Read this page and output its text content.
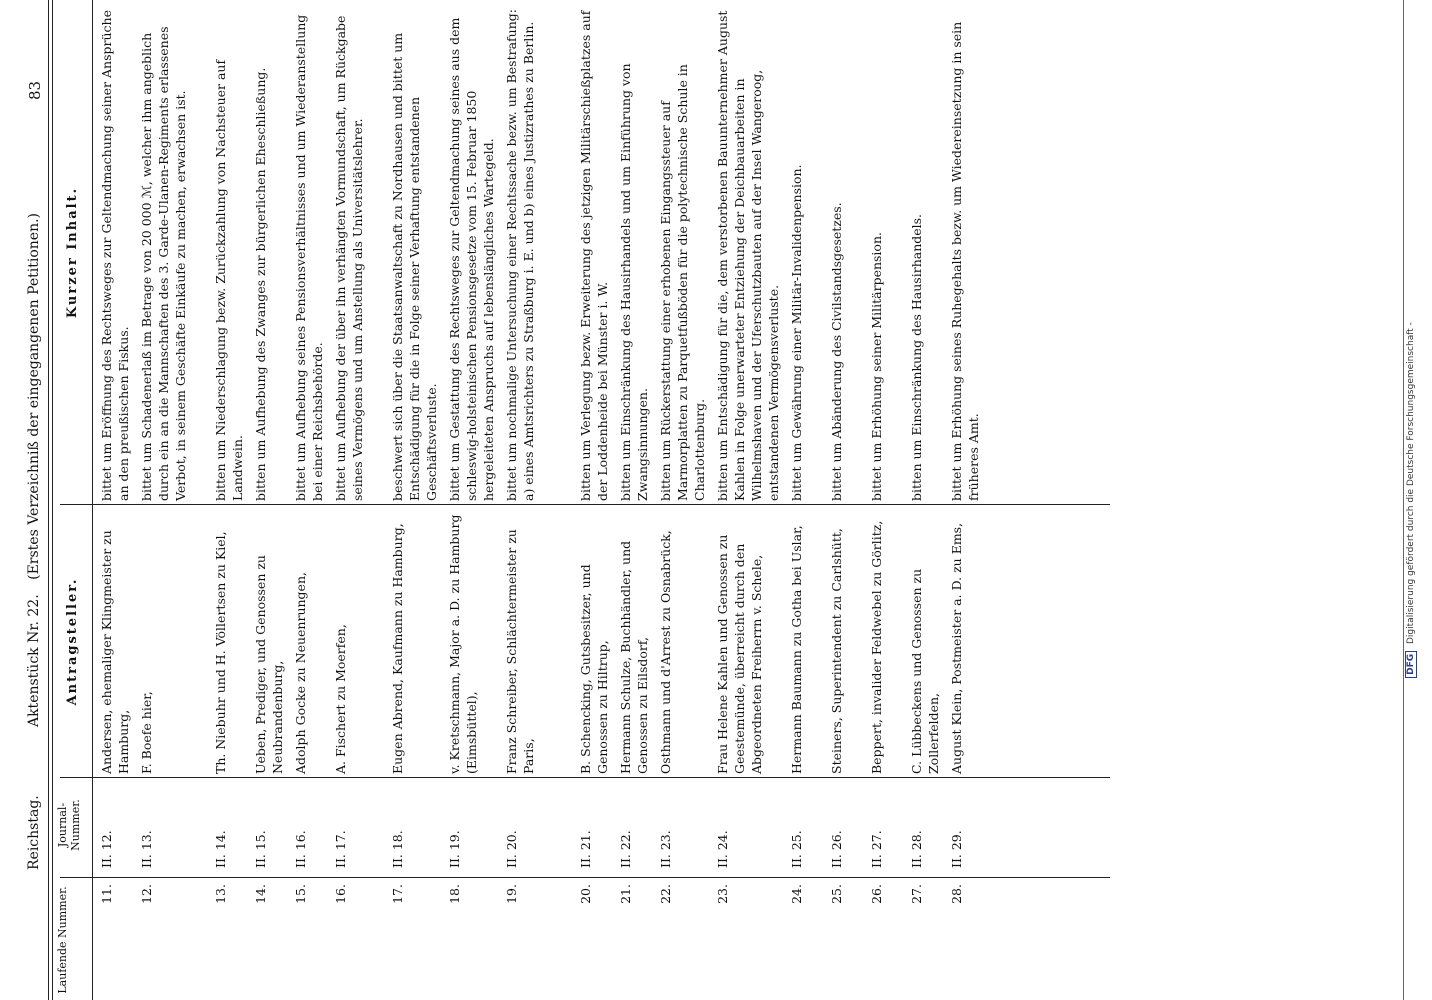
Reichstag.
Aktenstück Nr. 22. (Erstes Verzeichniß der eingegangenen Petitionen.)
83
Laufende Nummer.
Journal-Nummer.
Antragsteller.
Kurzer Inhalt.
11.
II. 12.
Andersen, ehemaliger Klingmeister zu Hamburg,
bittet um Eröffnung des Rechtsweges zur Geltendmachung seiner Ansprüche an den preußischen Fiskus.
12.
II. 13.
F. Boefe hier,
bittet um Schadenerlaß im Betrage von 20 000 ℳ, welcher ihm angeblich durch ein an die Mannschaften des 3. Garde-Ulanen-Regiments erlassenes Verbot, in seinem Geschäfte Einkäufe zu machen, erwachsen ist.
13.
II. 14.
Th. Niebuhr und H. Völlertsen zu Kiel,
bitten um Niederschlagung bezw. Zurückzahlung von Nachsteuer auf Landwein.
14.
II. 15.
Ueben, Prediger, und Genossen zu Neubrandenburg,
bitten um Aufhebung des Zwanges zur bürgerlichen Eheschließung.
15.
II. 16.
Adolph Gocke zu Neuenrungen,
bittet um Aufhebung seines Pensionsverhältnisses und um Wiederanstellung bei einer Reichsbehörde.
16.
II. 17.
A. Fischert zu Moerfen,
bittet um Aufhebung der über ihn verhängten Vormundschaft, um Rückgabe seines Vermögens und um Anstellung als Universitätslehrer.
17.
II. 18.
Eugen Abrend, Kaufmann zu Hamburg,
beschwert sich über die Staatsanwaltschaft zu Nordhausen und bittet um Entschädigung für die in Folge seiner Verhaftung entstandenen Geschäftsverluste.
18.
II. 19.
v. Kretschmann, Major a. D. zu Hamburg (Eimsbüttel),
bittet um Gestattung des Rechtsweges zur Geltendmachung seines aus dem schleswig-holsteinischen Pensionsgesetze vom 15. Februar 1850 hergeleiteten Anspruchs auf lebenslängliches Wartegeld.
19.
II. 20.
Franz Schreiber, Schlächtermeister zu Paris,
bittet um nochmalige Untersuchung einer Rechtssache bezw. um Bestrafung: a) eines Amtsrichters zu Straßburg i. E. und b) eines Justizrathes zu Berlin.
20.
II. 21.
B. Schencking, Gutsbesitzer, und Genossen zu Hiltrup,
bitten um Verlegung bezw. Erweiterung des jetzigen Militärschießplatzes auf der Loddenheide bei Münster i. W.
21.
II. 22.
Hermann Schulze, Buchhändler, und Genossen zu Eilsdorf,
bitten um Einschränkung des Hausirhandels und um Einführung von Zwangsinnungen.
22.
II. 23.
Osthmann und d'Arrest zu Osnabrück,
bitten um Rückerstattung einer erhobenen Eingangssteuer auf Marmorplatten zu Parquetfußböden für die polytechnische Schule in Charlottenburg.
23.
II. 24.
Frau Helene Kahlen und Genossen zu Geestemünde, überreicht durch den Abgeordneten Freiherrn v. Schele,
bitten um Entschädigung für die, dem verstorbenen Bauunternehmer August Kahlen in Folge unerwarteter Entziehung der Deichbauarbeiten in Wilhelmshaven und der Uferschutzbauten auf der Insel Wangeroog, entstandenen Vermögensverluste.
24.
II. 25.
Hermann Baumann zu Gotha bei Uslar,
bittet um Gewährung einer Militär-Invalidenpension.
25.
II. 26.
Steiners, Superintendent zu Carlshütt,
bittet um Abänderung des Civilstandsgesetzes.
26.
II. 27.
Beppert, invalider Feldwebel zu Görlitz,
bittet um Erhöhung seiner Militärpension.
27.
II. 28.
C. Lübbeckens und Genossen zu Zollerfelden,
bitten um Einschränkung des Hausirhandels.
28.
II. 29.
August Klein, Postmeister a. D. zu Ems,
bittet um Erhöhung seines Ruhegehalts bezw. um Wiedereinsetzung in sein früheres Amt.
DFG Digitalisierung gefördert durch die Deutsche Forschungsgemeinschaft -
